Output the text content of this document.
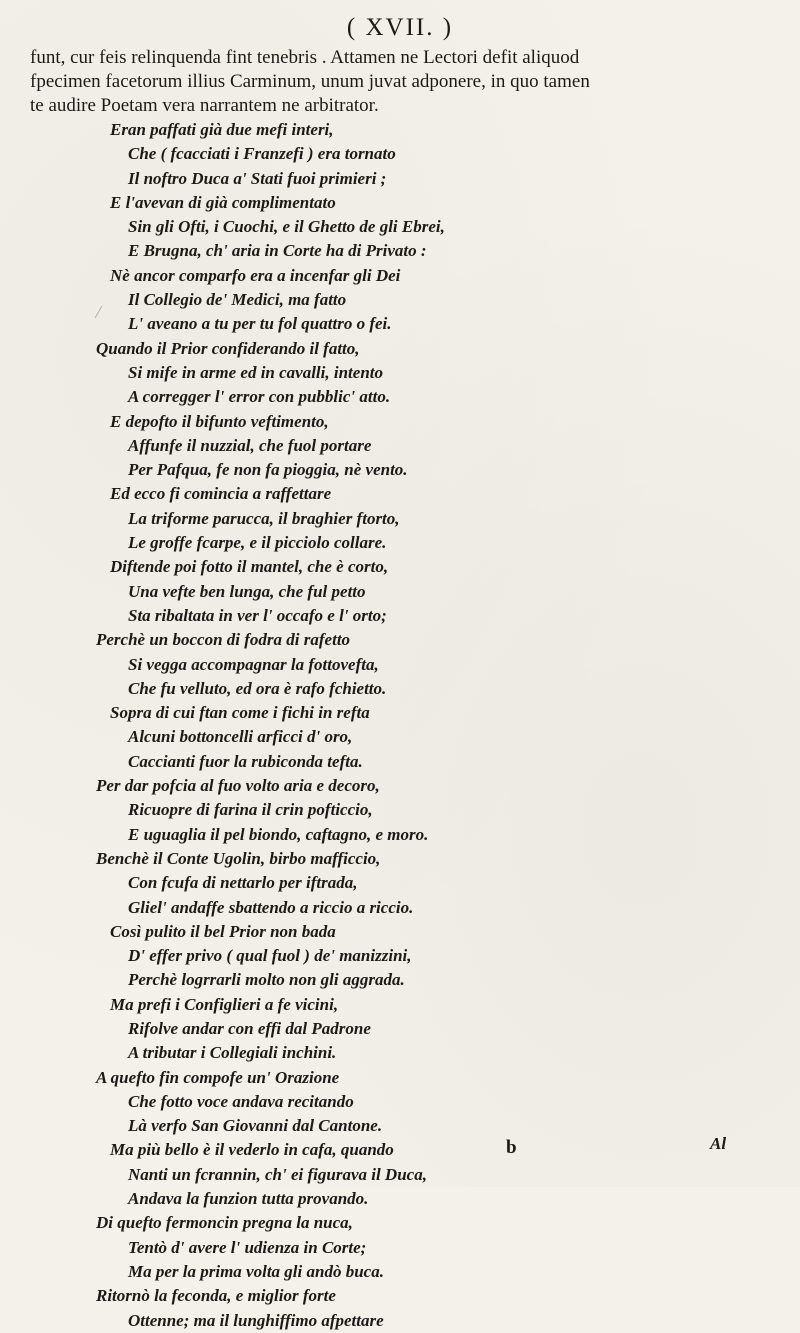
( XVII. )

funt, cur feis relinquenda fint tenebris . Attamen ne Lectori defit aliquod

fpecimen facetorum illius Carminum, unum juvat adponere, in quo tamen

te audire Poetam vera narrantem ne arbitrator.

Eran paffati già due mefi interi,

Che ( fcacciati i Franzefi ) era tornato

Il noftro Duca a' Stati fuoi primieri ;

E l'avevan di già complimentato

Sin gli Ofti, i Cuochi, e il Ghetto de gli Ebrei,

E Brugna, ch' aria in Corte ha di Privato :

Nè ancor comparfo era a incenfar gli Dei

Il Collegio de' Medici, ma fatto

L' aveano a tu per tu fol quattro o fei.

Quando il Prior confiderando il fatto,

Si mife in arme ed in cavalli, intento

A corregger l' error con pubblic' atto.

E depofto il bifunto veftimento,

Affunfe il nuzzial, che fuol portare

Per Pafqua, fe non fa pioggia, nè vento.

Ed ecco fi comincia a raffettare

La triforme parucca, il braghier ftorto,

Le groffe fcarpe, e il picciolo collare.

Diftende poi fotto il mantel, che è corto,

Una vefte ben lunga, che ful petto

Sta ribaltata in ver l' occafo e l' orto;

Perchè un boccon di fodra di rafetto

Si vegga accompagnar la fottovefta,

Che fu velluto, ed ora è rafo fchietto.

Sopra di cui ftan come i fichi in refta

Alcuni bottoncelli arficci d' oro,

Caccianti fuor la rubiconda tefta.

Per dar pofcia al fuo volto aria e decoro,

Ricuopre di farina il crin pofticcio,

E uguaglia il pel biondo, caftagno, e moro.

Benchè il Conte Ugolin, birbo mafficcio,

Con fcufa di nettarlo per iftrada,

Gliel' andaffe sbattendo a riccio a riccio.

Così pulito il bel Prior non bada

D' effer privo ( qual fuol ) de' manizzini,

Perchè logrrarli molto non gli aggrada.

Ma prefi i Configlieri a fe vicini,

Rifolve andar con effi dal Padrone

A tributar i Collegiali inchini.

A quefto fin compofe un' Orazione

Che fotto voce andava recitando

Là verfo San Giovanni dal Cantone.

Ma più bello è il vederlo in cafa, quando

Nanti un fcrannin, ch' ei figurava il Duca,

Andava la funzion tutta provando.

Di quefto fermoncin pregna la nuca,

Tentò d' avere l' udienza in Corte;

Ma per la prima volta gli andò buca.

Ritornò la feconda, e miglior forte

Ottenne; ma il lunghiffimo afpettare

b	Al
